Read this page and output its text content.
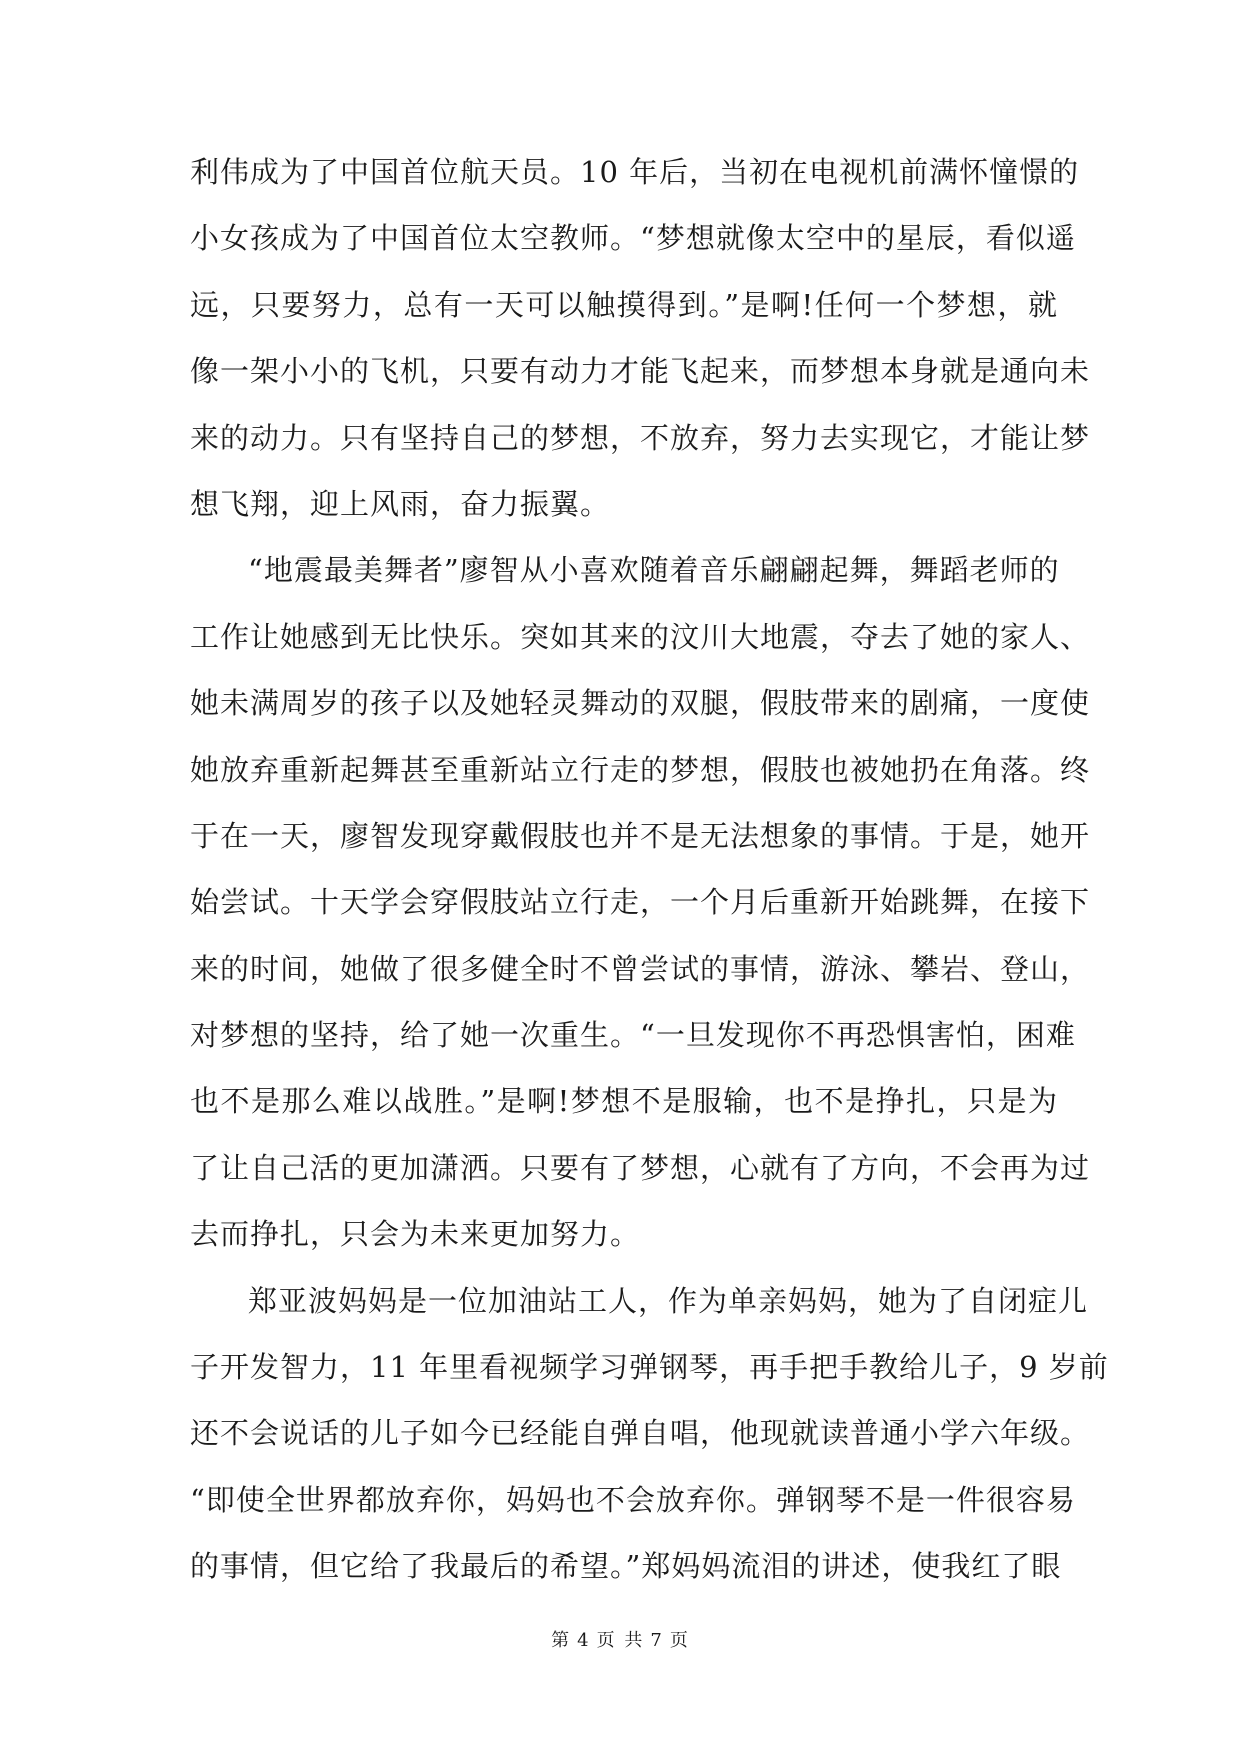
利伟成为了中国首位航天员。10 年后，当初在电视机前满怀憧憬的
小女孩成为了中国首位太空教师。“梦想就像太空中的星辰，看似遥
远，只要努力，总有一天可以触摸得到。”是啊!任何一个梦想，就
像一架小小的飞机，只要有动力才能飞起来，而梦想本身就是通向未
来的动力。只有坚持自己的梦想，不放弃，努力去实现它，才能让梦
想飞翔，迎上风雨，奋力振翼。
“地震最美舞者”廖智从小喜欢随着音乐翩翩起舞，舞蹈老师的
工作让她感到无比快乐。突如其来的汶川大地震，夺去了她的家人、
她未满周岁的孩子以及她轻灵舞动的双腿，假肢带来的剧痛，一度使
她放弃重新起舞甚至重新站立行走的梦想，假肢也被她扔在角落。终
于在一天，廖智发现穿戴假肢也并不是无法想象的事情。于是，她开
始尝试。十天学会穿假肢站立行走，一个月后重新开始跳舞，在接下
来的时间，她做了很多健全时不曾尝试的事情，游泳、攀岩、登山，
对梦想的坚持，给了她一次重生。“一旦发现你不再恐惧害怕，困难
也不是那么难以战胜。”是啊!梦想不是服输，也不是挣扎，只是为
了让自己活的更加潇洒。只要有了梦想，心就有了方向，不会再为过
去而挣扎，只会为未来更加努力。
郑亚波妈妈是一位加油站工人，作为单亲妈妈，她为了自闭症儿
子开发智力，11 年里看视频学习弹钢琴，再手把手教给儿子，9 岁前
还不会说话的儿子如今已经能自弹自唱，他现就读普通小学六年级。
“即使全世界都放弃你，妈妈也不会放弃你。弹钢琴不是一件很容易
的事情，但它给了我最后的希望。”郑妈妈流泪的讲述，使我红了眼
第 4 页 共 7 页
